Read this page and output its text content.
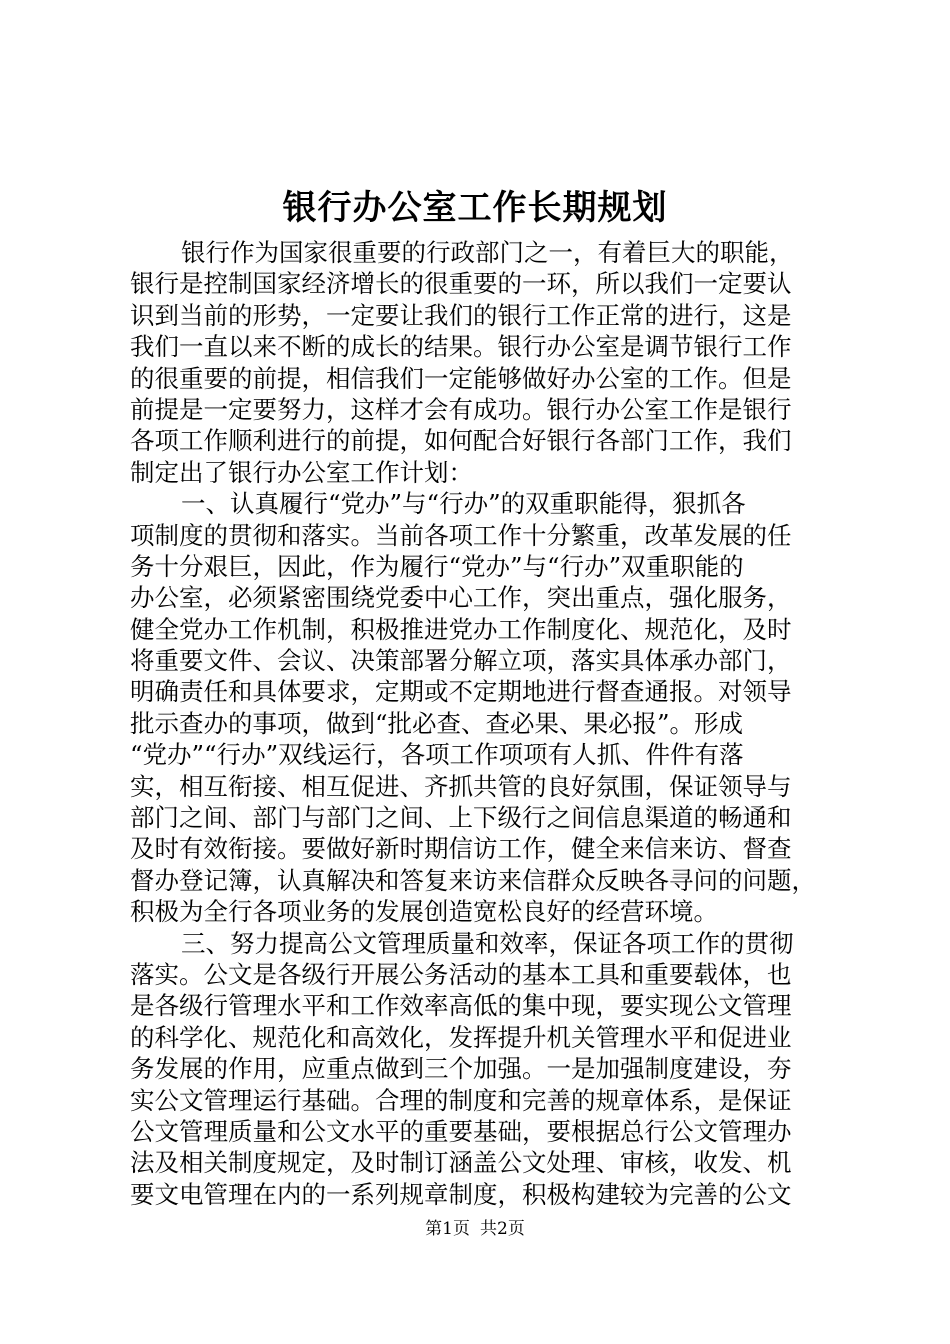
银行办公室工作长期规划
银行作为国家很重要的行政部门之一，有着巨大的职能，
银行是控制国家经济增长的很重要的一环，所以我们一定要认
识到当前的形势，一定要让我们的银行工作正常的进行，这是
我们一直以来不断的成长的结果。银行办公室是调节银行工作
的很重要的前提，相信我们一定能够做好办公室的工作。但是
前提是一定要努力，这样才会有成功。银行办公室工作是银行
各项工作顺利进行的前提，如何配合好银行各部门工作，我们
制定出了银行办公室工作计划：
一、认真履行“党办”与“行办”的双重职能得，狠抓各
项制度的贯彻和落实。当前各项工作十分繁重，改革发展的任
务十分艰巨，因此，作为履行“党办”与“行办”双重职能的
办公室，必须紧密围绕党委中心工作，突出重点，强化服务，
健全党办工作机制，积极推进党办工作制度化、规范化，及时
将重要文件、会议、决策部署分解立项，落实具体承办部门，
明确责任和具体要求，定期或不定期地进行督查通报。对领导
批示查办的事项，做到“批必查、查必果、果必报”。形成
“党办”“行办”双线运行，各项工作项项有人抓、件件有落
实，相互衔接、相互促进、齐抓共管的良好氛围，保证领导与
部门之间、部门与部门之间、上下级行之间信息渠道的畅通和
及时有效衔接。要做好新时期信访工作，健全来信来访、督查
督办登记簿，认真解决和答复来访来信群众反映各寻问的问题，
积极为全行各项业务的发展创造宽松良好的经营环境。
三、努力提高公文管理质量和效率，保证各项工作的贯彻
落实。公文是各级行开展公务活动的基本工具和重要载体，也
是各级行管理水平和工作效率高低的集中现，要实现公文管理
的科学化、规范化和高效化，发挥提升机关管理水平和促进业
务发展的作用，应重点做到三个加强。一是加强制度建设，夯
实公文管理运行基础。合理的制度和完善的规章体系，是保证
公文管理质量和公文水平的重要基础，要根据总行公文管理办
法及相关制度规定，及时制订涵盖公文处理、审核，收发、机
要文电管理在内的一系列规章制度，积极构建较为完善的公文
第1页 共2页
